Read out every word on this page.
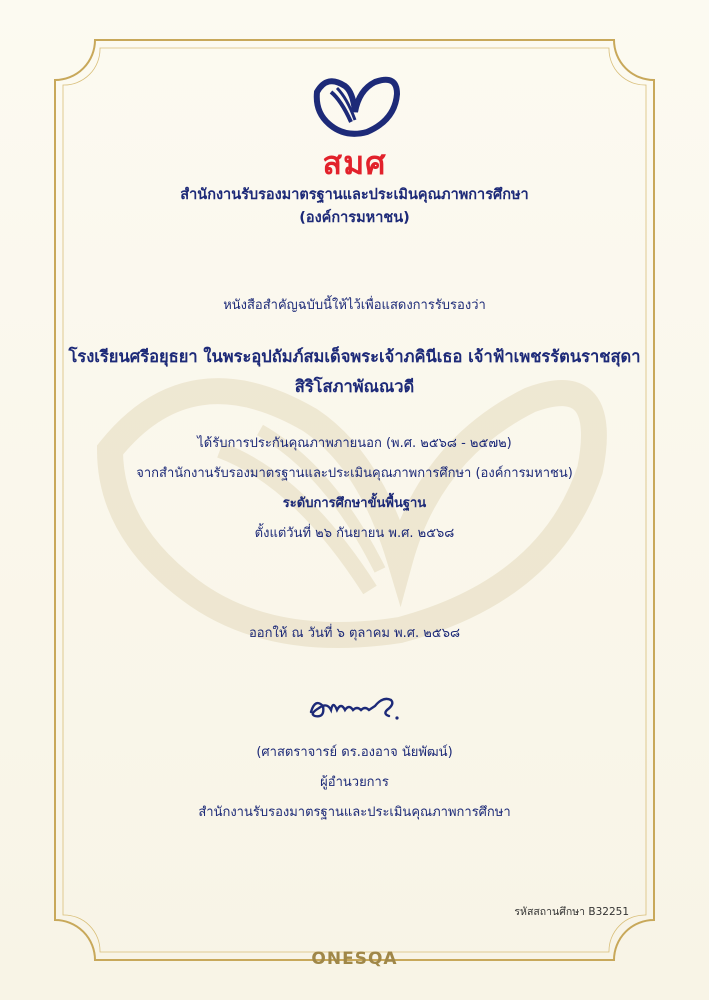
สมศ
สำนักงานรับรองมาตรฐานและประเมินคุณภาพการศึกษา
(องค์การมหาชน)
หนังสือสำคัญฉบับนี้ให้ไว้เพื่อแสดงการรับรองว่า
โรงเรียนศรีอยุธยา ในพระอุปถัมภ์สมเด็จพระเจ้าภคินีเธอ เจ้าฟ้าเพชรรัตนราชสุดา
สิริโสภาพัณณวดี
ได้รับการประกันคุณภาพภายนอก (พ.ศ. ๒๕๖๘ - ๒๕๗๒)
จากสำนักงานรับรองมาตรฐานและประเมินคุณภาพการศึกษา (องค์การมหาชน)
ระดับการศึกษาขั้นพื้นฐาน
ตั้งแต่วันที่ ๒๖ กันยายน พ.ศ. ๒๕๖๘
ออกให้ ณ วันที่ ๖ ตุลาคม พ.ศ. ๒๕๖๘
(ศาสตราจารย์ ดร.องอาจ นัยพัฒน์)
ผู้อำนวยการ
สำนักงานรับรองมาตรฐานและประเมินคุณภาพการศึกษา
รหัสสถานศึกษา B32251
ONESQA
